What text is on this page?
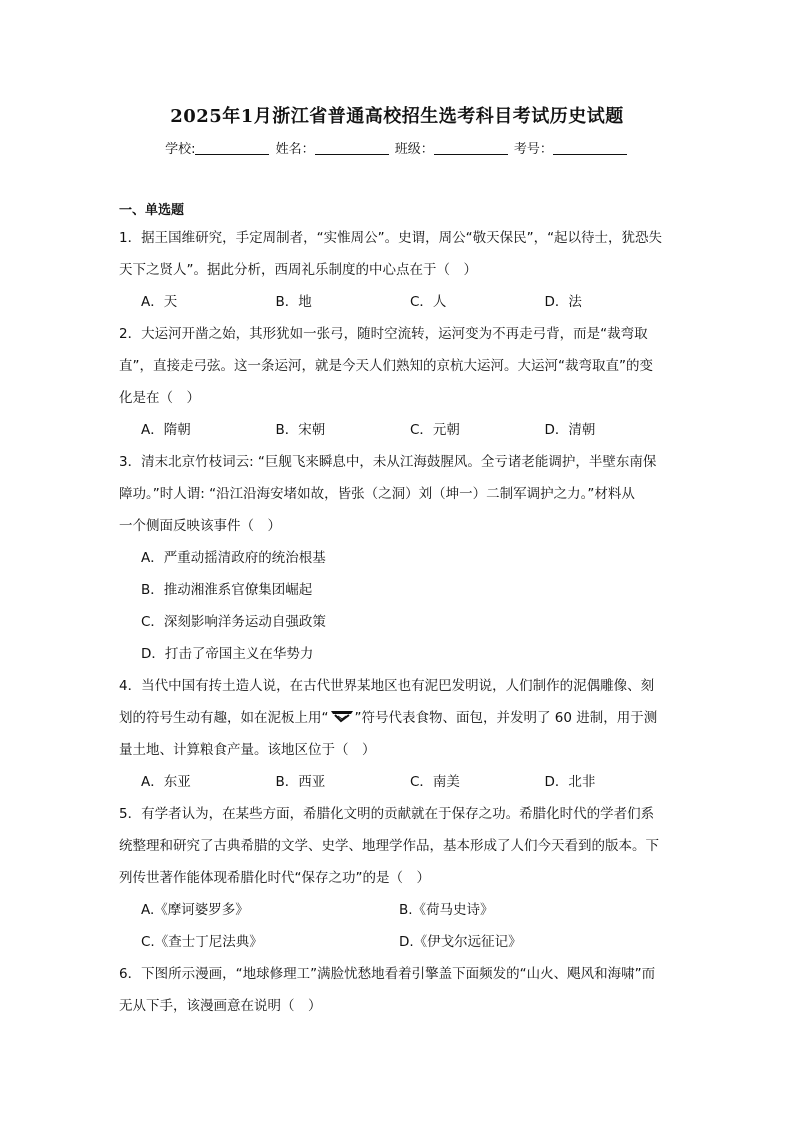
2025年1月浙江省普通高校招生选考科目考试历史试题
学校:	姓名：	班级：	考号：
一、单选题
1．据王国维研究，手定周制者，“实惟周公”。史谓，周公“敬天保民”，“起以待士，犹恐失
天下之贤人”。据此分析，西周礼乐制度的中心点在于（　）
A．天	B．地	C．人	D．法
2．大运河开凿之始，其形犹如一张弓，随时空流转，运河变为不再走弓背，而是“裁弯取
直”，直接走弓弦。这一条运河，就是今天人们熟知的京杭大运河。大运河“裁弯取直”的变
化是在（　）
A．隋朝	B．宋朝	C．元朝	D．清朝
3．清末北京竹枝词云: “巨舰飞来瞬息中，未从江海鼓腥风。全亏诸老能调护，半壁东南保
障功。”时人谓: “沿江沿海安堵如故，皆张（之洞）刘（坤一）二制军调护之力。”材料从
一个侧面反映该事件（　）
A．严重动摇清政府的统治根基
B．推动湘淮系官僚集团崛起
C．深刻影响洋务运动自强政策
D．打击了帝国主义在华势力
4．当代中国有抟土造人说，在古代世界某地区也有泥巴发明说，人们制作的泥偶雕像、刻
划的符号生动有趣，如在泥板上用“ ”符号代表食物、面包，并发明了 60 进制，用于测
量土地、计算粮食产量。该地区位于（　）
A．东亚	B．西亚	C．南美	D．北非
5．有学者认为，在某些方面，希腊化文明的贡献就在于保存之功。希腊化时代的学者们系
统整理和研究了古典希腊的文学、史学、地理学作品，基本形成了人们今天看到的版本。下
列传世著作能体现希腊化时代“保存之功”的是（　）
A.《摩诃婆罗多》	B.《荷马史诗》
C.《查士丁尼法典》	D.《伊戈尔远征记》
6．下图所示漫画，“地球修理工”满脸忧愁地看着引擎盖下面频发的“山火、飓风和海啸”而
无从下手，该漫画意在说明（　）
